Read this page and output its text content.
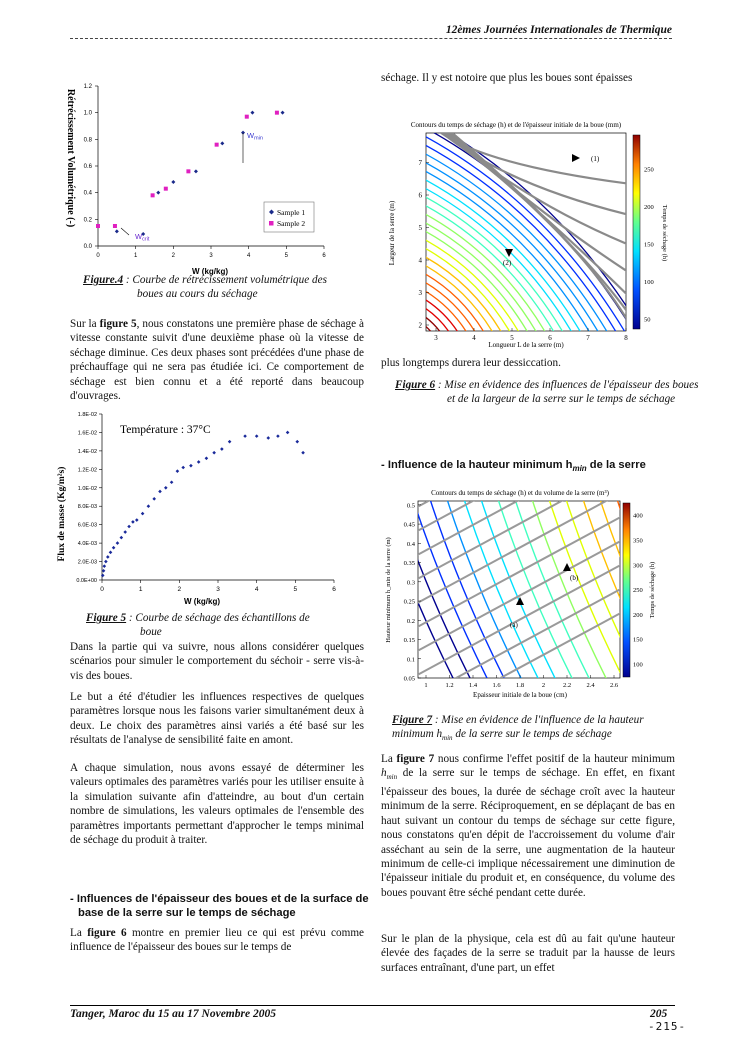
12èmes Journées Internationales de Thermique
Tanger, Maroc du 15 au 17 Novembre 2005	205
-215-
Rétrécissement Volumétrique (-)
0	1	2	3	4	5	6
0.0
0.2
0.4
0.6
0.8
1.0
1.2
W (kg/kg)
Sample 1
Sample 2
$W_{crit}$
$W_{min}$
Figure.4 : Courbe de rétrécissement volumétrique des
boues au cours du séchage
Sur la figure 5, nous constatons une première phase de séchage à vitesse constante suivit d'une deuxième phase où la vitesse de séchage diminue. Ces deux phases sont précédées d'une phase de préchauffage qui ne sera pas étudiée ici. Ce comportement de séchage est bien connu et a été reporté dans beaucoup d'ouvrages.
Flux de masse (Kg/m²s)
0	1	2	3	4	5	6
0.0E+00
2.0E-03
4.0E-03
6.0E-03
8.0E-03
1.0E-02
1.2E-02
1.4E-02
1.6E-02
1.8E-02
Température : 37°C
W (kg/kg)
Figure 5 : Courbe de séchage des échantillons de
boue
Dans la partie qui va suivre, nous allons considérer quelques scénarios pour simuler le comportement du séchoir - serre vis-à-vis des boues.
Le but a été d'étudier les influences respectives de quelques paramètres lorsque nous les faisons varier simultanément deux à deux. Le choix des paramètres ainsi variés a été basé sur les résultats de l'analyse de sensibilité faite en amont.
A chaque simulation, nous avons essayé de déterminer les valeurs optimales des paramètres variés pour les utiliser ensuite à la simulation suivante afin d'atteindre, au bout d'un certain nombre de simulations, les valeurs optimales de l'ensemble des paramètres importants permettant d'approcher le temps minimal de séchage du produit à traiter.
- Influences de l'épaisseur des boues et de la surface de base de la serre sur le temps de séchage
La figure 6 montre en premier lieu ce qui est prévu comme influence de l'épaisseur des boues sur le temps de
séchage. Il y est notoire que plus les boues sont épaisses
Contours du temps de séchage (h) et de l'épaisseur initiale de la boue (mm)
3	4	5	6	7	8
2
3
4
5
6
7
50
100
150
200
250
Temps de séchage (h)
Largeur de la serre (m)
Longueur L de la serre (m)
(1)
(2)
plus longtemps durera leur dessiccation.
Figure 6 : Mise en évidence des influences de l'épaisseur des boues et de la largeur de la serre sur le temps de séchage
- Influence de la hauteur minimum $h_{min}$ de la serre
Contours du temps de séchage (h) et du volume de la serre (m³)
1	1.2 1.4 1.6 1.8	2	2.2 2.4 2.6
0.05
0.1
0.15
0.2
0.25
0.3
0.35
0.4
0.45
0.5
100
150
200
250
300
350
400
Temps de séchage (h)
Hauteur minimum h_min de la serre (m)
Epaisseur initiale de la boue (cm)
(b)
(a)
Figure 7 : Mise en évidence de l'influence de la hauteur minimum $h_{min}$ de la serre sur le temps de séchage
La figure 7 nous confirme l'effet positif de la hauteur minimum $h_{min}$ de la serre sur le temps de séchage. En effet, en fixant l'épaisseur des boues, la durée de séchage croît avec la hauteur minimum de la serre. Réciproquement, en se déplaçant de bas en haut suivant un contour du temps de séchage sur cette figure, nous constatons qu'en dépit de l'accroissement du volume d'air asséchant au sein de la serre, une augmentation de la hauteur minimum de celle-ci implique nécessairement une diminution de l'épaisseur initiale du produit et, en conséquence, du volume des boues pouvant être séché pendant cette durée.
Sur le plan de la physique, cela est dû au fait qu'une hauteur élevée des façades de la serre se traduit par la hausse de leurs surfaces entraînant, d'une part, un effet
